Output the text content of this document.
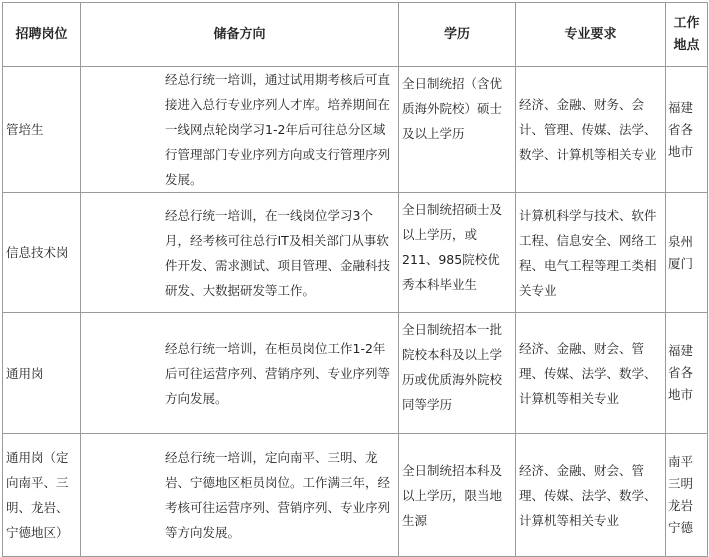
招聘岗位	储备方向	学历	专业要求	工作地点
管培生	经总行统一培训，通过试用期考核后可直接进入总行专业序列人才库。培养期间在一线网点轮岗学习1-2年后可往总分区域行管理部门专业序列方向或支行管理序列发展。	全日制统招（含优质海外院校）硕士及以上学历	经济、金融、财务、会计、管理、传媒、法学、数学、计算机等相关专业	福建省各地市
信息技术岗	经总行统一培训，在一线岗位学习3个月，经考核可往总行IT及相关部门从事软件开发、需求测试、项目管理、金融科技研发、大数据研发等工作。	全日制统招硕士及以上学历，或211、985院校优秀本科毕业生	计算机科学与技术、软件工程、信息安全、网络工程、电气工程等理工类相关专业	泉州厦门
通用岗	经总行统一培训，在柜员岗位工作1-2年后可往运营序列、营销序列、专业序列等方向发展。	全日制统招本一批院校本科及以上学历或优质海外院校同等学历	经济、金融、财会、管理、传媒、法学、数学、计算机等相关专业	福建省各地市
通用岗（定向南平、三明、龙岩、宁德地区）	经总行统一培训，定向南平、三明、龙岩、宁德地区柜员岗位。工作满三年，经考核可往运营序列、营销序列、专业序列等方向发展。	全日制统招本科及以上学历，限当地生源	经济、金融、财会、管理、传媒、法学、数学、计算机等相关专业	南平三明龙岩宁德
